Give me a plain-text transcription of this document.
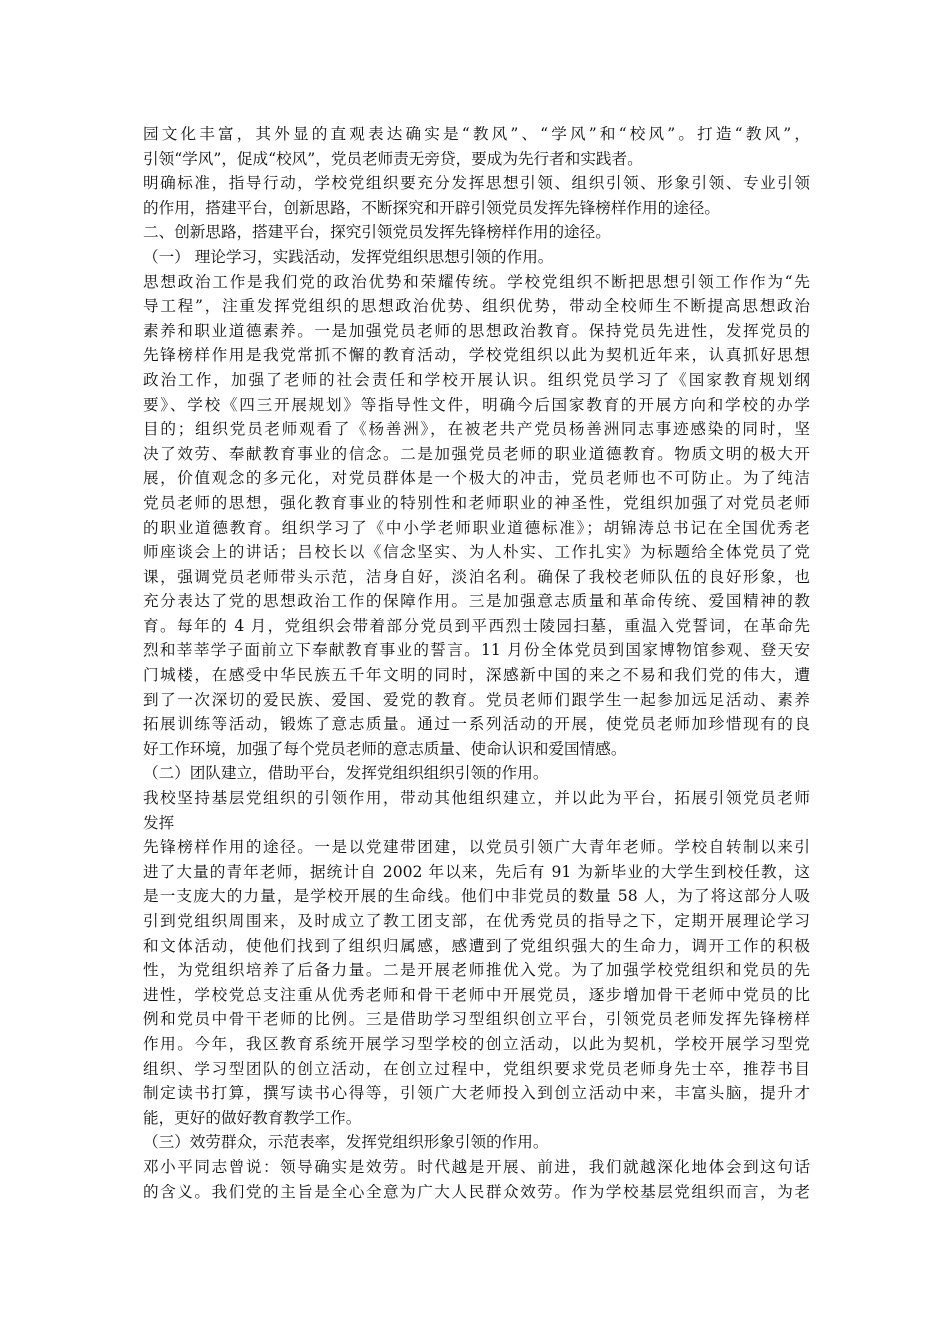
园文化丰富，其外显的直观表达确实是“教风”、“学风”和“校风”。打造“教风”，
引领“学风”，促成“校风”，党员老师责无旁贷，要成为先行者和实践者。
明确标准，指导行动，学校党组织要充分发挥思想引领、组织引领、形象引领、专业引领
的作用，搭建平台，创新思路，不断探究和开辟引领党员发挥先锋榜样作用的途径。
二、创新思路，搭建平台，探究引领党员发挥先锋榜样作用的途径。
（一） 理论学习，实践活动，发挥党组织思想引领的作用。
思想政治工作是我们党的政治优势和荣耀传统。学校党组织不断把思想引领工作作为“先
导工程”，注重发挥党组织的思想政治优势、组织优势，带动全校师生不断提高思想政治
素养和职业道德素养。一是加强党员老师的思想政治教育。保持党员先进性，发挥党员的
先锋榜样作用是我党常抓不懈的教育活动，学校党组织以此为契机近年来，认真抓好思想
政治工作，加强了老师的社会责任和学校开展认识。组织党员学习了《国家教育规划纲
要》、学校《四三开展规划》等指导性文件，明确今后国家教育的开展方向和学校的办学
目的；组织党员老师观看了《杨善洲》，在被老共产党员杨善洲同志事迹感染的同时，坚
决了效劳、奉献教育事业的信念。二是加强党员老师的职业道德教育。物质文明的极大开
展，价值观念的多元化，对党员群体是一个极大的冲击，党员老师也不可防止。为了纯洁
党员老师的思想，强化教育事业的特别性和老师职业的神圣性，党组织加强了对党员老师
的职业道德教育。组织学习了《中小学老师职业道德标准》；胡锦涛总书记在全国优秀老
师座谈会上的讲话；吕校长以《信念坚实、为人朴实、工作扎实》为标题给全体党员了党
课，强调党员老师带头示范，洁身自好，淡泊名利。确保了我校老师队伍的良好形象，也
充分表达了党的思想政治工作的保障作用。三是加强意志质量和革命传统、爱国精神的教
育。每年的 4 月，党组织会带着部分党员到平西烈士陵园扫墓，重温入党誓词，在革命先
烈和莘莘学子面前立下奉献教育事业的誓言。11 月份全体党员到国家博物馆参观、登天安
门城楼，在感受中华民族五千年文明的同时，深感新中国的来之不易和我们党的伟大，遭
到了一次深切的爱民族、爱国、爱党的教育。党员老师们跟学生一起参加远足活动、素养
拓展训练等活动，锻炼了意志质量。通过一系列活动的开展，使党员老师加珍惜现有的良
好工作环境，加强了每个党员老师的意志质量、使命认识和爱国情感。
（二）团队建立，借助平台，发挥党组织组织引领的作用。
我校坚持基层党组织的引领作用，带动其他组织建立，并以此为平台，拓展引领党员老师
发挥
先锋榜样作用的途径。一是以党建带团建，以党员引领广大青年老师。学校自转制以来引
进了大量的青年老师，据统计自 2002 年以来，先后有 91 为新毕业的大学生到校任教，这
是一支庞大的力量，是学校开展的生命线。他们中非党员的数量 58 人，为了将这部分人吸
引到党组织周围来，及时成立了教工团支部，在优秀党员的指导之下，定期开展理论学习
和文体活动，使他们找到了组织归属感，感遭到了党组织强大的生命力，调开工作的积极
性，为党组织培养了后备力量。二是开展老师推优入党。为了加强学校党组织和党员的先
进性，学校党总支注重从优秀老师和骨干老师中开展党员，逐步增加骨干老师中党员的比
例和党员中骨干老师的比例。三是借助学习型组织创立平台，引领党员老师发挥先锋榜样
作用。今年，我区教育系统开展学习型学校的创立活动，以此为契机，学校开展学习型党
组织、学习型团队的创立活动，在创立过程中，党组织要求党员老师身先士卒，推荐书目
制定读书打算，撰写读书心得等，引领广大老师投入到创立活动中来，丰富头脑，提升才
能，更好的做好教育教学工作。
（三）效劳群众，示范表率，发挥党组织形象引领的作用。
邓小平同志曾说：领导确实是效劳。时代越是开展、前进，我们就越深化地体会到这句话
的含义。我们党的主旨是全心全意为广大人民群众效劳。作为学校基层党组织而言，为老
